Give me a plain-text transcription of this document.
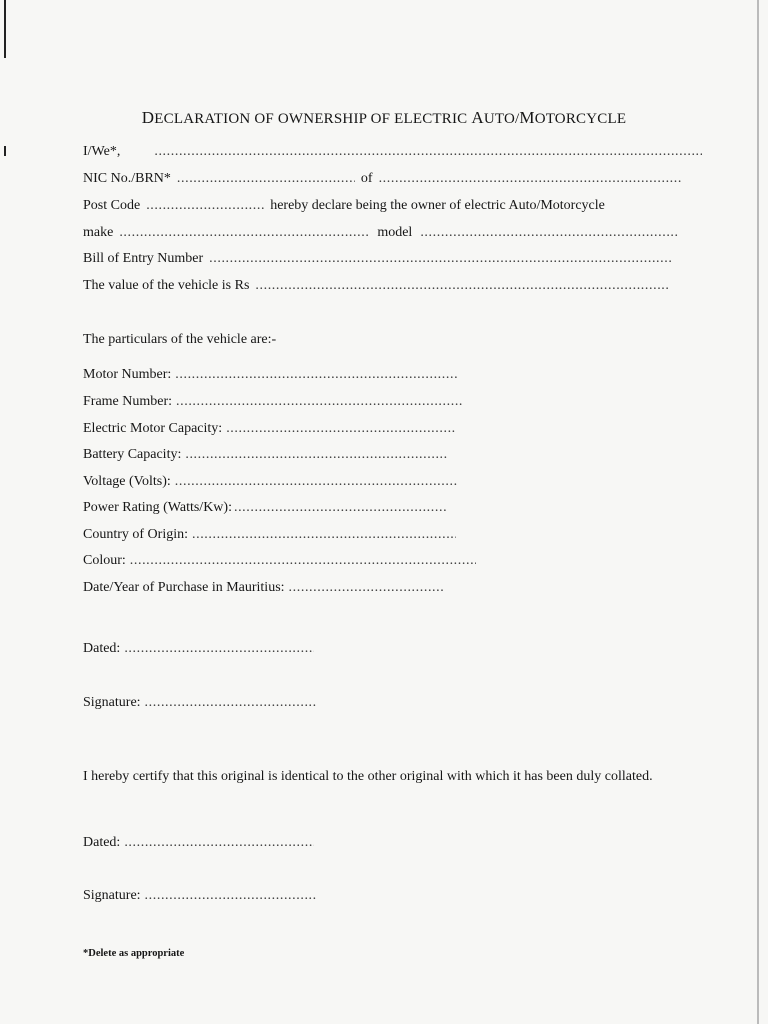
DECLARATION OF OWNERSHIP OF ELECTRIC AUTO/MOTORCYCLE
I/We*,
.....
NIC No./BRN* .....	of
.....
Post Code .....	hereby declare being the owner of electric Auto/Motorcycle
make .....	model
.....
Bill of Entry Number
.....
The value of the vehicle is Rs
.....
The particulars of the vehicle are:-
Motor Number:
.....
Frame Number:
.....
Electric Motor Capacity:
.....
Battery Capacity:
.....
Voltage (Volts):
.....
Power Rating (Watts/Kw):
.....
Country of Origin:
.....
Colour:
.....
Date/Year of Purchase in Mauritius:
.....
Dated:
.....
Signature:
.....
I hereby certify that this original is identical to the other original with which it has been duly collated.
Dated:
.....
Signature:
.....
*Delete as appropriate
